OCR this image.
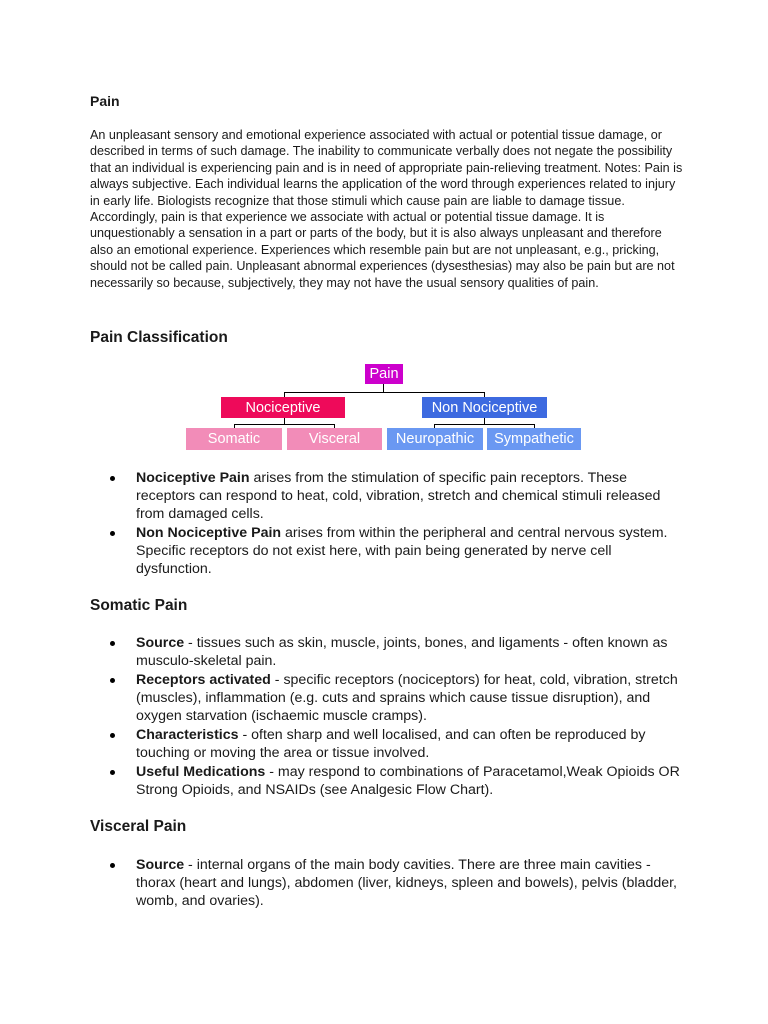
Pain

An unpleasant sensory and emotional experience associated with actual or potential tissue damage, or described in terms of such damage. The inability to communicate verbally does not negate the possibility that an individual is experiencing pain and is in need of appropriate pain-relieving treatment. Notes: Pain is always subjective. Each individual learns the application of the word through experiences related to injury in early life. Biologists recognize that those stimuli which cause pain are liable to damage tissue. Accordingly, pain is that experience we associate with actual or potential tissue damage. It is unquestionably a sensation in a part or parts of the body, but it is also always unpleasant and therefore also an emotional experience. Experiences which resemble pain but are not unpleasant, e.g., pricking, should not be called pain. Unpleasant abnormal experiences (dysesthesias) may also be pain but are not necessarily so because, subjectively, they may not have the usual sensory qualities of pain.

Pain Classification
Pain
Nociceptive	Non Nociceptive
Somatic	Visceral	Neuropathic	Sympathetic
Nociceptive Pain arises from the stimulation of specific pain receptors. These receptors can respond to heat, cold, vibration, stretch and chemical stimuli released from damaged cells.
Non Nociceptive Pain arises from within the peripheral and central nervous system. Specific receptors do not exist here, with pain being generated by nerve cell dysfunction.
Somatic Pain
Source - tissues such as skin, muscle, joints, bones, and ligaments - often known as musculo-skeletal pain.
Receptors activated - specific receptors (nociceptors) for heat, cold, vibration, stretch (muscles), inflammation (e.g. cuts and sprains which cause tissue disruption), and oxygen starvation (ischaemic muscle cramps).
Characteristics - often sharp and well localised, and can often be reproduced by touching or moving the area or tissue involved.
Useful Medications - may respond to combinations of Paracetamol,Weak Opioids OR Strong Opioids, and NSAIDs (see Analgesic Flow Chart).
Visceral Pain
Source - internal organs of the main body cavities. There are three main cavities - thorax (heart and lungs), abdomen (liver, kidneys, spleen and bowels), pelvis (bladder, womb, and ovaries).
